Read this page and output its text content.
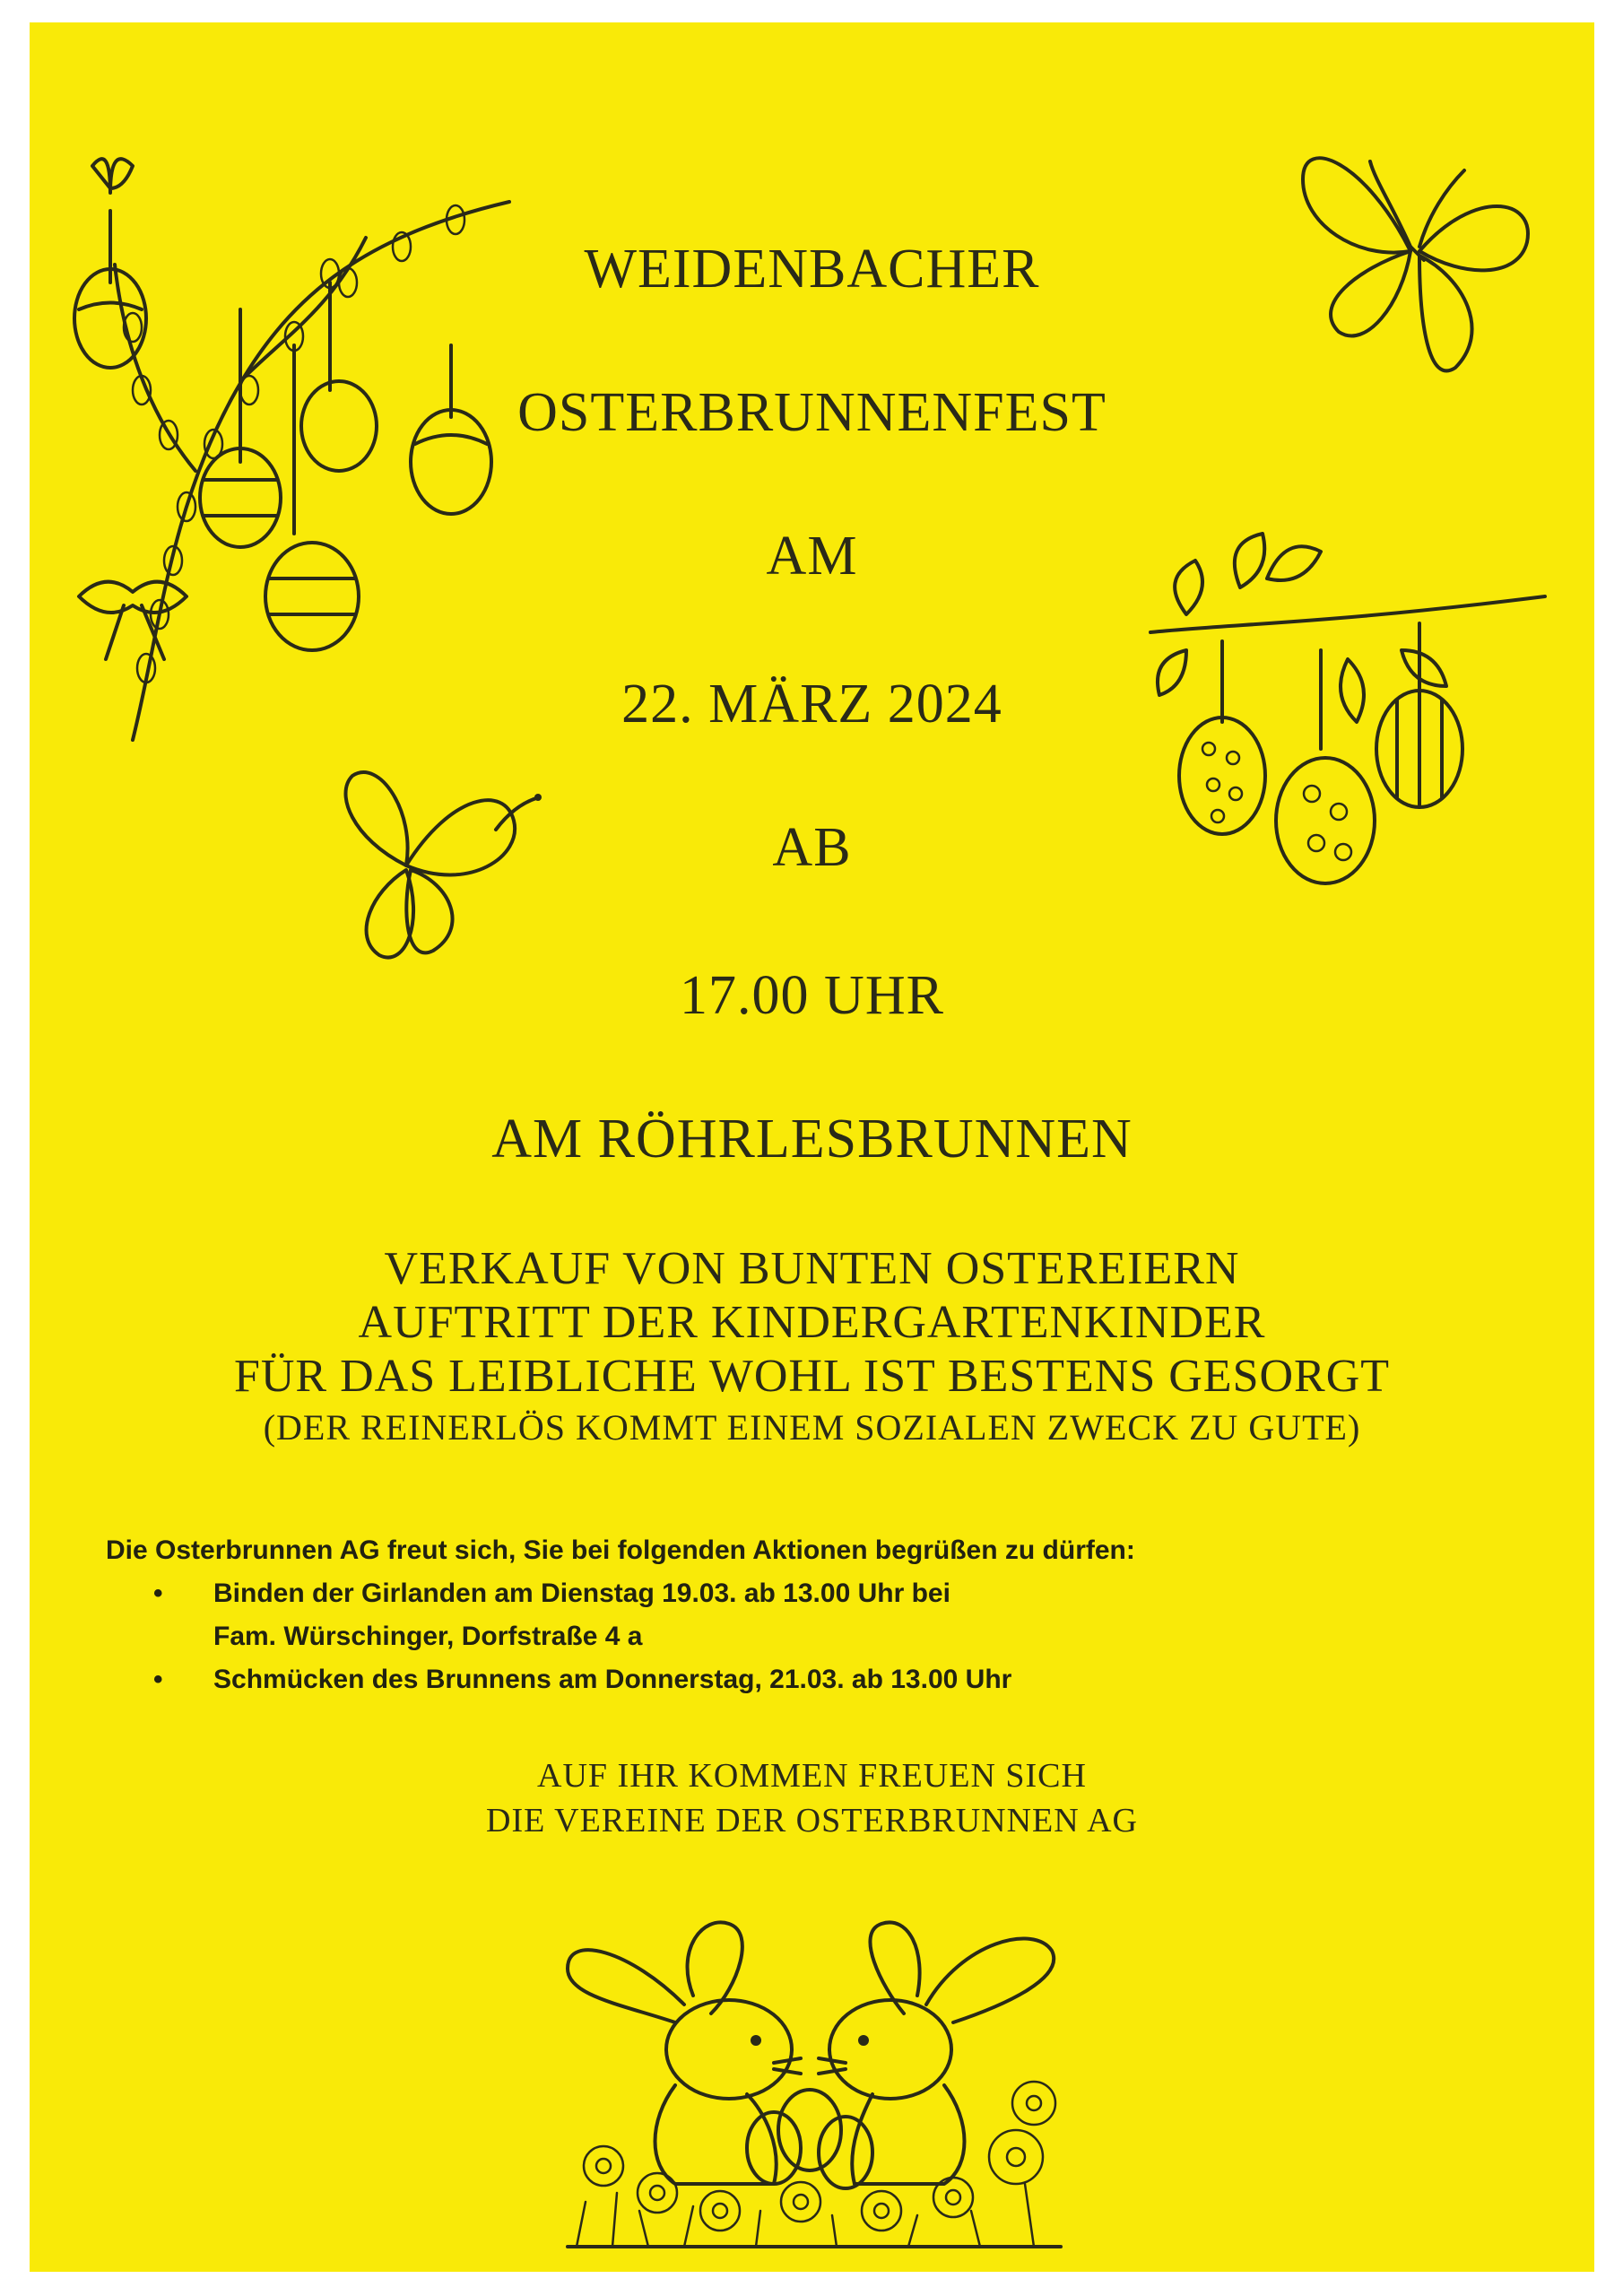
WEIDENBACHER
OSTERBRUNNENFEST
AM
22. MÄRZ 2024
AB
17.00 UHR
AM RÖHRLESBRUNNEN
VERKAUF VON BUNTEN OSTEREIERN
AUFTRITT DER KINDERGARTENKINDER
FÜR DAS LEIBLICHE WOHL IST BESTENS GESORGT
(DER REINERLÖS KOMMT EINEM SOZIALEN ZWECK ZU GUTE)
Die Osterbrunnen AG freut sich, Sie bei folgenden Aktionen begrüßen zu dürfen:
• Binden der Girlanden am Dienstag 19.03. ab 13.00 Uhr bei
Fam. Würschinger, Dorfstraße 4 a
• Schmücken des Brunnens am Donnerstag, 21.03. ab 13.00 Uhr
AUF IHR KOMMEN FREUEN SICH
DIE VEREINE DER OSTERBRUNNEN AG
